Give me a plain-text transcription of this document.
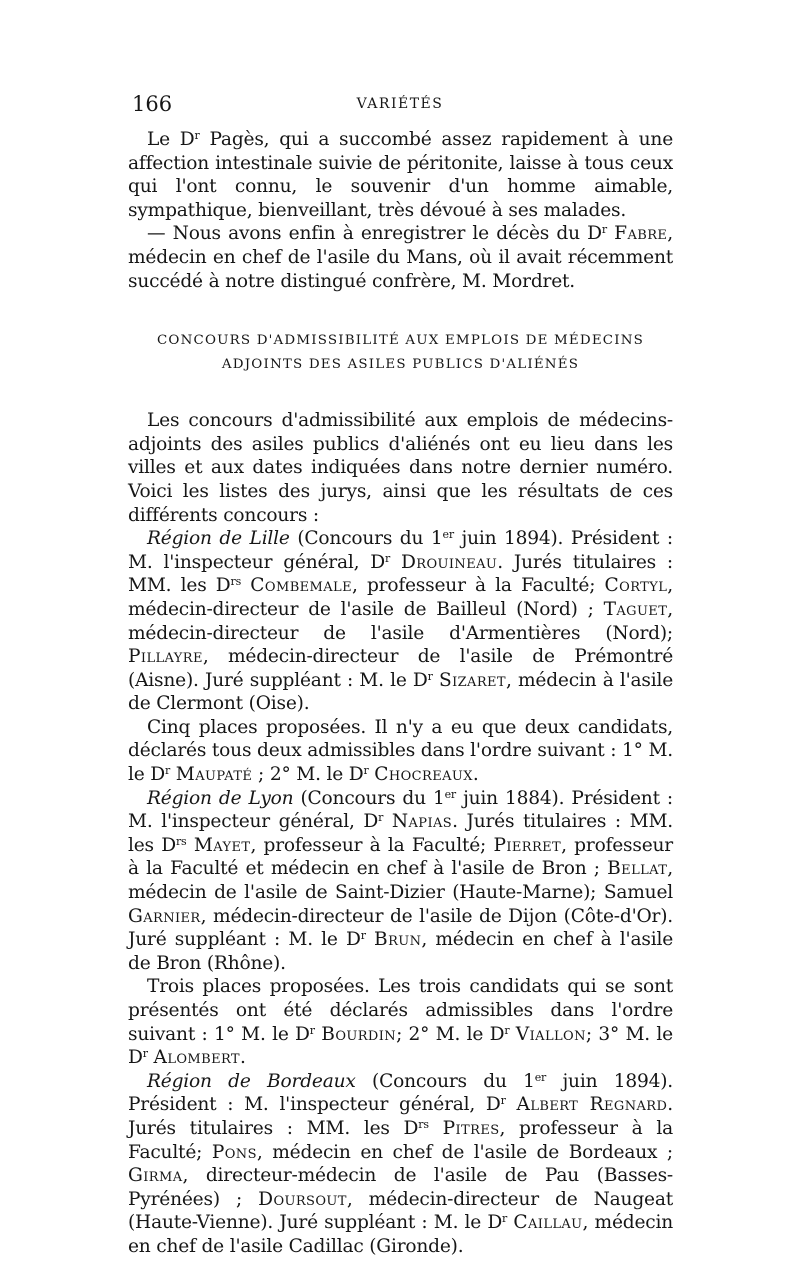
166	VARIÉTÉS

Le $D^r$ Pagès, qui a succombé assez rapidement à une affection intestinale suivie de péritonite, laisse à tous ceux qui l'ont connu, le souvenir d'un homme aimable, sympathique, bienveillant, très dévoué à ses malades.

— Nous avons enfin à enregistrer le décès du $D^r$ Fabre, médecin en chef de l'asile du Mans, où il avait récemment succédé à notre distingué confrère, M. Mordret.

CONCOURS D'ADMISSIBILITÉ AUX EMPLOIS DE MÉDECINS
ADJOINTS DES ASILES PUBLICS D'ALIÉNÉS

Les concours d'admissibilité aux emplois de médecins-adjoints des asiles publics d'aliénés ont eu lieu dans les villes et aux dates indiquées dans notre dernier numéro. Voici les listes des jurys, ainsi que les résultats de ces différents concours :

Région de Lille (Concours du 1er juin 1894). Président : M. l'inspecteur général, $D^r$ Drouineau. Jurés titulaires : MM. les $D^{rs}$ Combemale, professeur à la Faculté; Cortyl, médecin-directeur de l'asile de Bailleul (Nord) ; Taguet, médecin-directeur de l'asile d'Armentières (Nord); Pillayre, médecin-directeur de l'asile de Prémontré (Aisne). Juré suppléant : M. le $D^r$ Sizaret, médecin à l'asile de Clermont (Oise).

Cinq places proposées. Il n'y a eu que deux candidats, déclarés tous deux admissibles dans l'ordre suivant : 1° M. le $D^r$ Maupaté ; 2° M. le $D^r$ Chocreaux.

Région de Lyon (Concours du 1er juin 1884). Président : M. l'inspecteur général, $D^r$ Napias. Jurés titulaires : MM. les $D^{rs}$ Mayet, professeur à la Faculté; Pierret, professeur à la Faculté et médecin en chef à l'asile de Bron ; Bellat, médecin de l'asile de Saint-Dizier (Haute-Marne); Samuel Garnier, médecin-directeur de l'asile de Dijon (Côte-d'Or). Juré suppléant : M. le $D^r$ Brun, médecin en chef à l'asile de Bron (Rhône).

Trois places proposées. Les trois candidats qui se sont présentés ont été déclarés admissibles dans l'ordre suivant : 1° M. le $D^r$ Bourdin; 2° M. le $D^r$ Viallon; 3° M. le $D^r$ Alombert.

Région de Bordeaux (Concours du 1er juin 1894). Président : M. l'inspecteur général, $D^r$ Albert Regnard. Jurés titulaires : MM. les $D^{rs}$ Pitres, professeur à la Faculté; Pons, médecin en chef de l'asile de Bordeaux ; Girma, directeur-médecin de l'asile de Pau (Basses-Pyrénées) ; Doursout, médecin-directeur de Naugeat (Haute-Vienne). Juré suppléant : M. le $D^r$ Caillau, médecin en chef de l'asile Cadillac (Gironde).
